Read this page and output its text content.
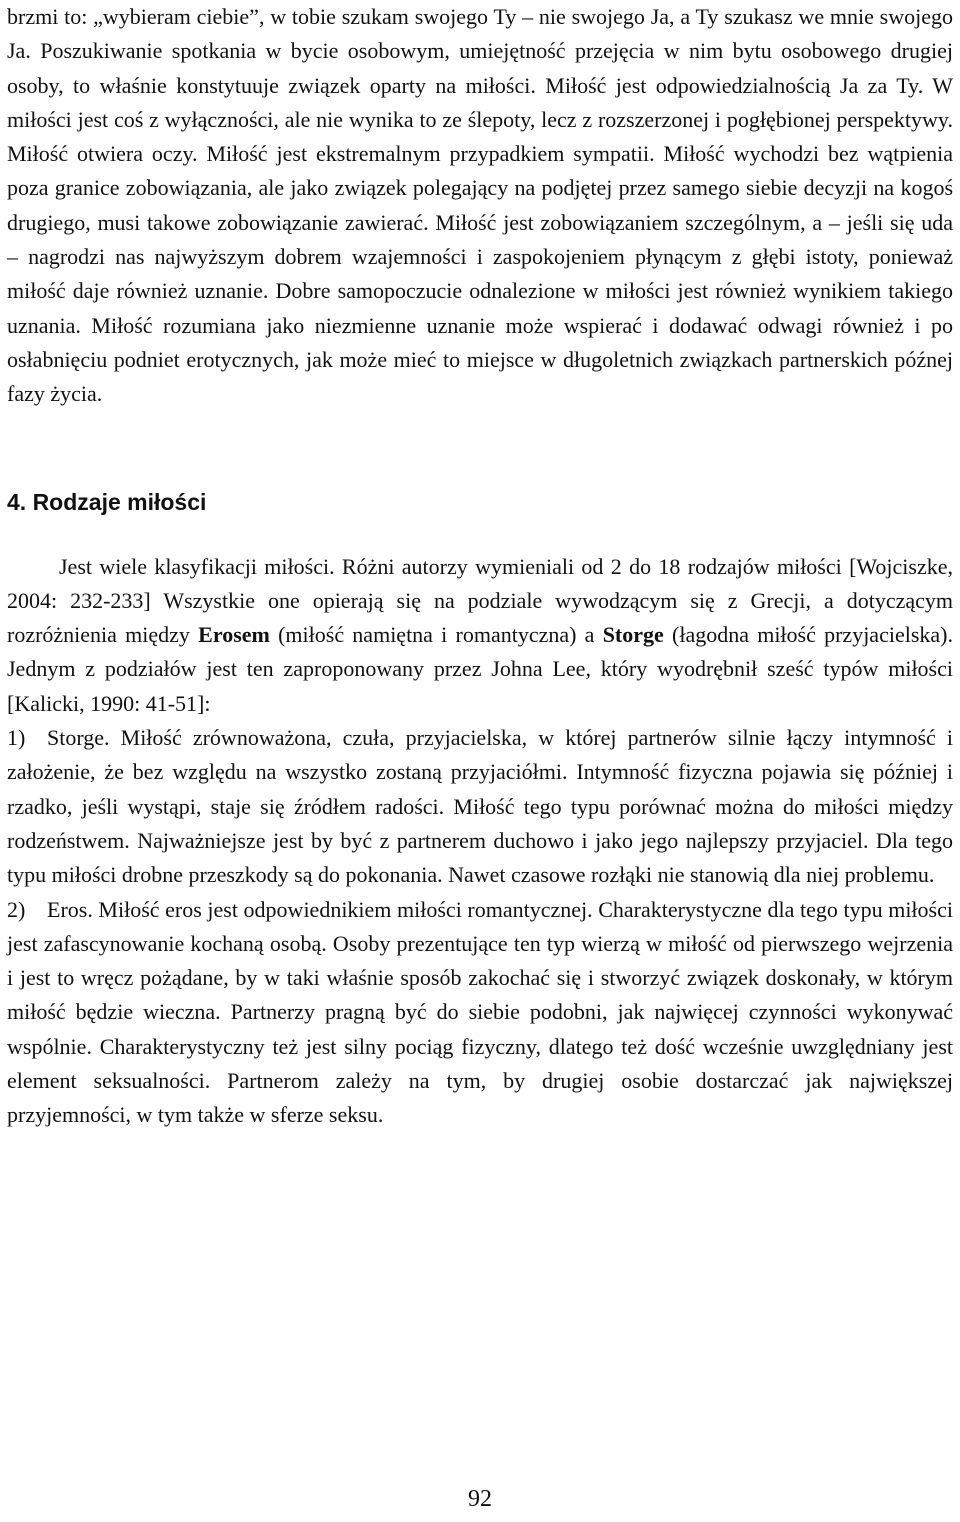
brzmi to: „wybieram ciebie”, w tobie szukam swojego Ty – nie swojego Ja, a Ty szukasz we mnie swojego Ja. Poszukiwanie spotkania w bycie osobowym, umiejętność przejęcia w nim bytu osobowego drugiej osoby, to właśnie konstytuuje związek oparty na miłości. Miłość jest odpowiedzialnością Ja za Ty. W miłości jest coś z wyłączności, ale nie wynika to ze ślepoty, lecz z rozszerzonej i pogłębionej perspektywy. Miłość otwiera oczy. Miłość jest ekstremalnym przypadkiem sympatii. Miłość wychodzi bez wątpienia poza granice zobowiązania, ale jako związek polegający na podjętej przez samego siebie decyzji na kogoś drugiego, musi takowe zobowiązanie zawierać. Miłość jest zobowiązaniem szczególnym, a – jeśli się uda – nagrodzi nas najwyższym dobrem wzajemności i zaspokojeniem płynącym z głębi istoty, ponieważ miłość daje również uznanie. Dobre samopoczucie odnalezione w miłości jest również wynikiem takiego uznania. Miłość rozumiana jako niezmienne uznanie może wspierać i dodawać odwagi również i po osłabnięciu podniet erotycznych, jak może mieć to miejsce w długoletnich związkach partnerskich późnej fazy życia.

4. Rodzaje miłości

Jest wiele klasyfikacji miłości. Różni autorzy wymieniali od 2 do 18 rodzajów miłości [Wojciszke, 2004: 232-233] Wszystkie one opierają się na podziale wywodzącym się z Grecji, a dotyczącym rozróżnienia między Erosem (miłość namiętna i romantyczna) a Storge (łagodna miłość przyjacielska). Jednym z podziałów jest ten zaproponowany przez Johna Lee, który wyodrębnił sześć typów miłości [Kalicki, 1990: 41-51]:

1) Storge. Miłość zrównoważona, czuła, przyjacielska, w której partnerów silnie łączy intymność i założenie, że bez względu na wszystko zostaną przyjaciółmi. Intymność fizyczna pojawia się później i rzadko, jeśli wystąpi, staje się źródłem radości. Miłość tego typu porównać można do miłości między rodzeństwem. Najważniejsze jest by być z partnerem duchowo i jako jego najlepszy przyjaciel. Dla tego typu miłości drobne przeszkody są do pokonania. Nawet czasowe rozłąki nie stanowią dla niej problemu.

2) Eros. Miłość eros jest odpowiednikiem miłości romantycznej. Charakterystyczne dla tego typu miłości jest zafascynowanie kochaną osobą. Osoby prezentujące ten typ wierzą w miłość od pierwszego wejrzenia i jest to wręcz pożądane, by w taki właśnie sposób zakochać się i stworzyć związek doskonały, w którym miłość będzie wieczna. Partnerzy pragną być do siebie podobni, jak najwięcej czynności wykonywać wspólnie. Charakterystyczny też jest silny pociąg fizyczny, dlatego też dość wcześnie uwzględniany jest element seksualności. Partnerom zależy na tym, by drugiej osobie dostarczać jak największej przyjemności, w tym także w sferze seksu.

92
